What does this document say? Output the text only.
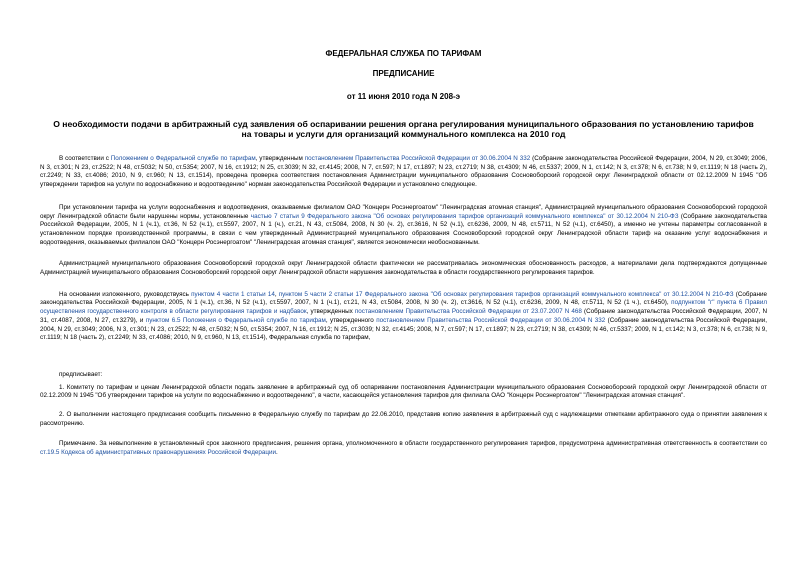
ФЕДЕРАЛЬНАЯ СЛУЖБА ПО ТАРИФАМ
ПРЕДПИСАНИЕ
от 11 июня 2010 года N 208-э
О необходимости подачи в арбитражный суд заявления об оспаривании решения органа регулирования муниципального образования по установлению тарифов
на товары и услуги для организаций коммунального комплекса на 2010 год

В соответствии с Положением о Федеральной службе по тарифам, утвержденным постановлением Правительства Российской Федерации от 30.06.2004 N 332 (Собрание законодательства Российской Федерации, 2004, N 29, ст.3049; 2006, N 3, ст.301; N 23, ст.2522; N 48, ст.5032; N 50, ст.5354; 2007, N 16, ст.1912; N 25, ст.3039; N 32, ст.4145; 2008, N 7, ст.597; N 17, ст.1897; N 23, ст.2719; N 38, ст.4309; N 46, ст.5337; 2009, N 1, ст.142; N 3, ст.378; N 6, ст.738; N 9, ст.1119; N 18 (часть 2), ст.2249; N 33, ст.4086; 2010, N 9, ст.960; N 13, ст.1514), проведена проверка соответствия постановления Администрации муниципального образования Сосновоборский городской округ Ленинградской области от 02.12.2009 N 1945 "Об утверждении тарифов на услуги по водоснабжению и водоотведению" нормам законодательства Российской Федерации и установлено следующее.

При установлении тарифа на услуги водоснабжения и водоотведения, оказываемые филиалом ОАО "Концерн Росэнергоатом" "Ленинградская атомная станция", Администрацией муниципального образования Сосновоборский городской округ Ленинградской области были нарушены нормы, установленные частью 7 статьи 9 Федерального закона "Об основах регулирования тарифов организаций коммунального комплекса" от 30.12.2004 N 210-ФЗ (Собрание законодательства Российской Федерации, 2005, N 1 (ч.1), ст.36, N 52 (ч.1), ст.5597, 2007, N 1 (ч.), ст.21, N 43, ст.5084, 2008, N 30 (ч. 2), ст.3616, N 52 (ч.1), ст.6236, 2009, N 48, ст.5711, N 52 (ч.1), ст.6450), а именно не учтены параметры согласованной в установленном порядке производственной программы, в связи с чем утвержденный Администрацией муниципального образования Сосновоборский городской округ Ленинградской области тариф на оказание услуг водоснабжения и водоотведения, оказываемых филиалом ОАО "Концерн Росэнергоатом" "Ленинградская атомная станция", является экономически необоснованным.

Администрацией муниципального образования Сосновоборский городской округ Ленинградской области фактически не рассматривалась экономическая обоснованность расходов, а материалами дела подтверждаются допущенные Администрацией муниципального образования Сосновоборский городской округ Ленинградской области нарушения законодательства в области государственного регулирования тарифов.

На основании изложенного, руководствуясь пунктом 4 части 1 статьи 14, пунктом 5 части 2 статьи 17 Федерального закона "Об основах регулирования тарифов организаций коммунального комплекса" от 30.12.2004 N 210-ФЗ (Собрание законодательства Российской Федерации, 2005, N 1 (ч.1), ст.36, N 52 (ч.1), ст.5597, 2007, N 1 (ч.1), ст.21, N 43, ст.5084, 2008, N 30 (ч. 2), ст.3616, N 52 (ч.1), ст.6236, 2009, N 48, ст.5711, N 52 (1 ч.), ст.6450), подпунктом "г" пункта 6 Правил осуществления государственного контроля в области регулирования тарифов и надбавок, утвержденных постановлением Правительства Российской Федерации от 23.07.2007 N 468 (Собрание законодательства Российской Федерации, 2007, N 31, ст.4087, 2008, N 27, ст.3279), и пунктом 6.5 Положения о Федеральной службе по тарифам, утвержденного постановлением Правительства Российской Федерации от 30.06.2004 N 332 (Собрание законодательства Российской Федерации, 2004, N 29, ст.3049; 2006, N 3, ст.301; N 23, ст.2522; N 48, ст.5032; N 50, ст.5354; 2007, N 16, ст.1912; N 25, ст.3039; N 32, ст.4145; 2008, N 7, ст.597; N 17, ст.1897; N 23, ст.2719; N 38, ст.4309; N 46, ст.5337; 2009, N 1, ст.142; N 3, ст.378; N 6, ст.738; N 9, ст.1119; N 18 (часть 2), ст.2249; N 33, ст.4086; 2010, N 9, ст.960, N 13, ст.1514), Федеральная служба по тарифам,

предписывает:

1. Комитету по тарифам и ценам Ленинградской области подать заявление в арбитражный суд об оспаривании постановления Администрации муниципального образования Сосновоборский городской округ Ленинградской области от 02.12.2009 N 1945 "Об утверждении тарифов на услуги по водоснабжению и водоотведению", в части, касающейся установления тарифов для филиала ОАО "Концерн Росэнергоатом" "Ленинградская атомная станция".

2. О выполнении настоящего предписания сообщить письменно в Федеральную службу по тарифам до 22.06.2010, представив копию заявления в арбитражный суд с надлежащими отметками арбитражного суда о принятии заявления к рассмотрению.

Примечание. За невыполнение в установленный срок законного предписания, решения органа, уполномоченного в области государственного регулирования тарифов, предусмотрена административная ответственность в соответствии со ст.19.5 Кодекса об административных правонарушениях Российской Федерации.
